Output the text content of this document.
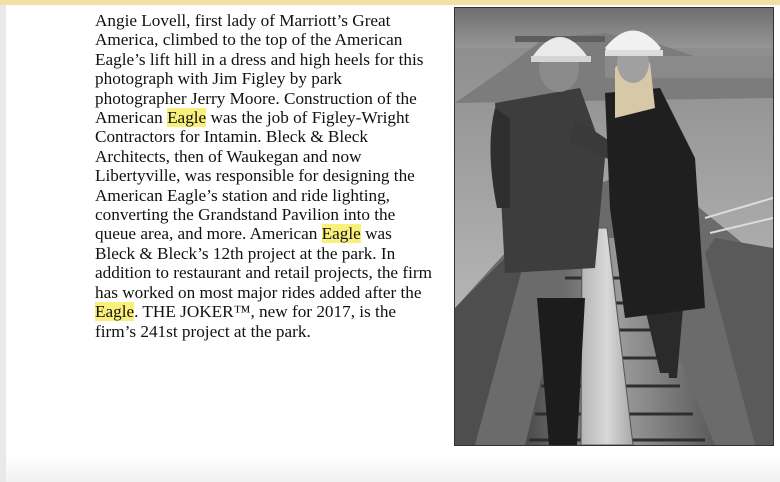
Angie Lovell, first lady of Marriott’s Great America, climbed to the top of the American Eagle’s lift hill in a dress and high heels for this photograph with Jim Figley by park photographer Jerry Moore. Construction of the American Eagle was the job of Figley-Wright Contractors for Intamin. Bleck & Bleck Architects, then of Waukegan and now Libertyville, was responsible for designing the American Eagle’s station and ride lighting, converting the Grandstand Pavilion into the queue area, and more. American Eagle was Bleck & Bleck’s 12th project at the park. In addition to restaurant and retail projects, the firm has worked on most major rides added after the Eagle. THE JOKER™, new for 2017, is the firm’s 241st project at the park.
